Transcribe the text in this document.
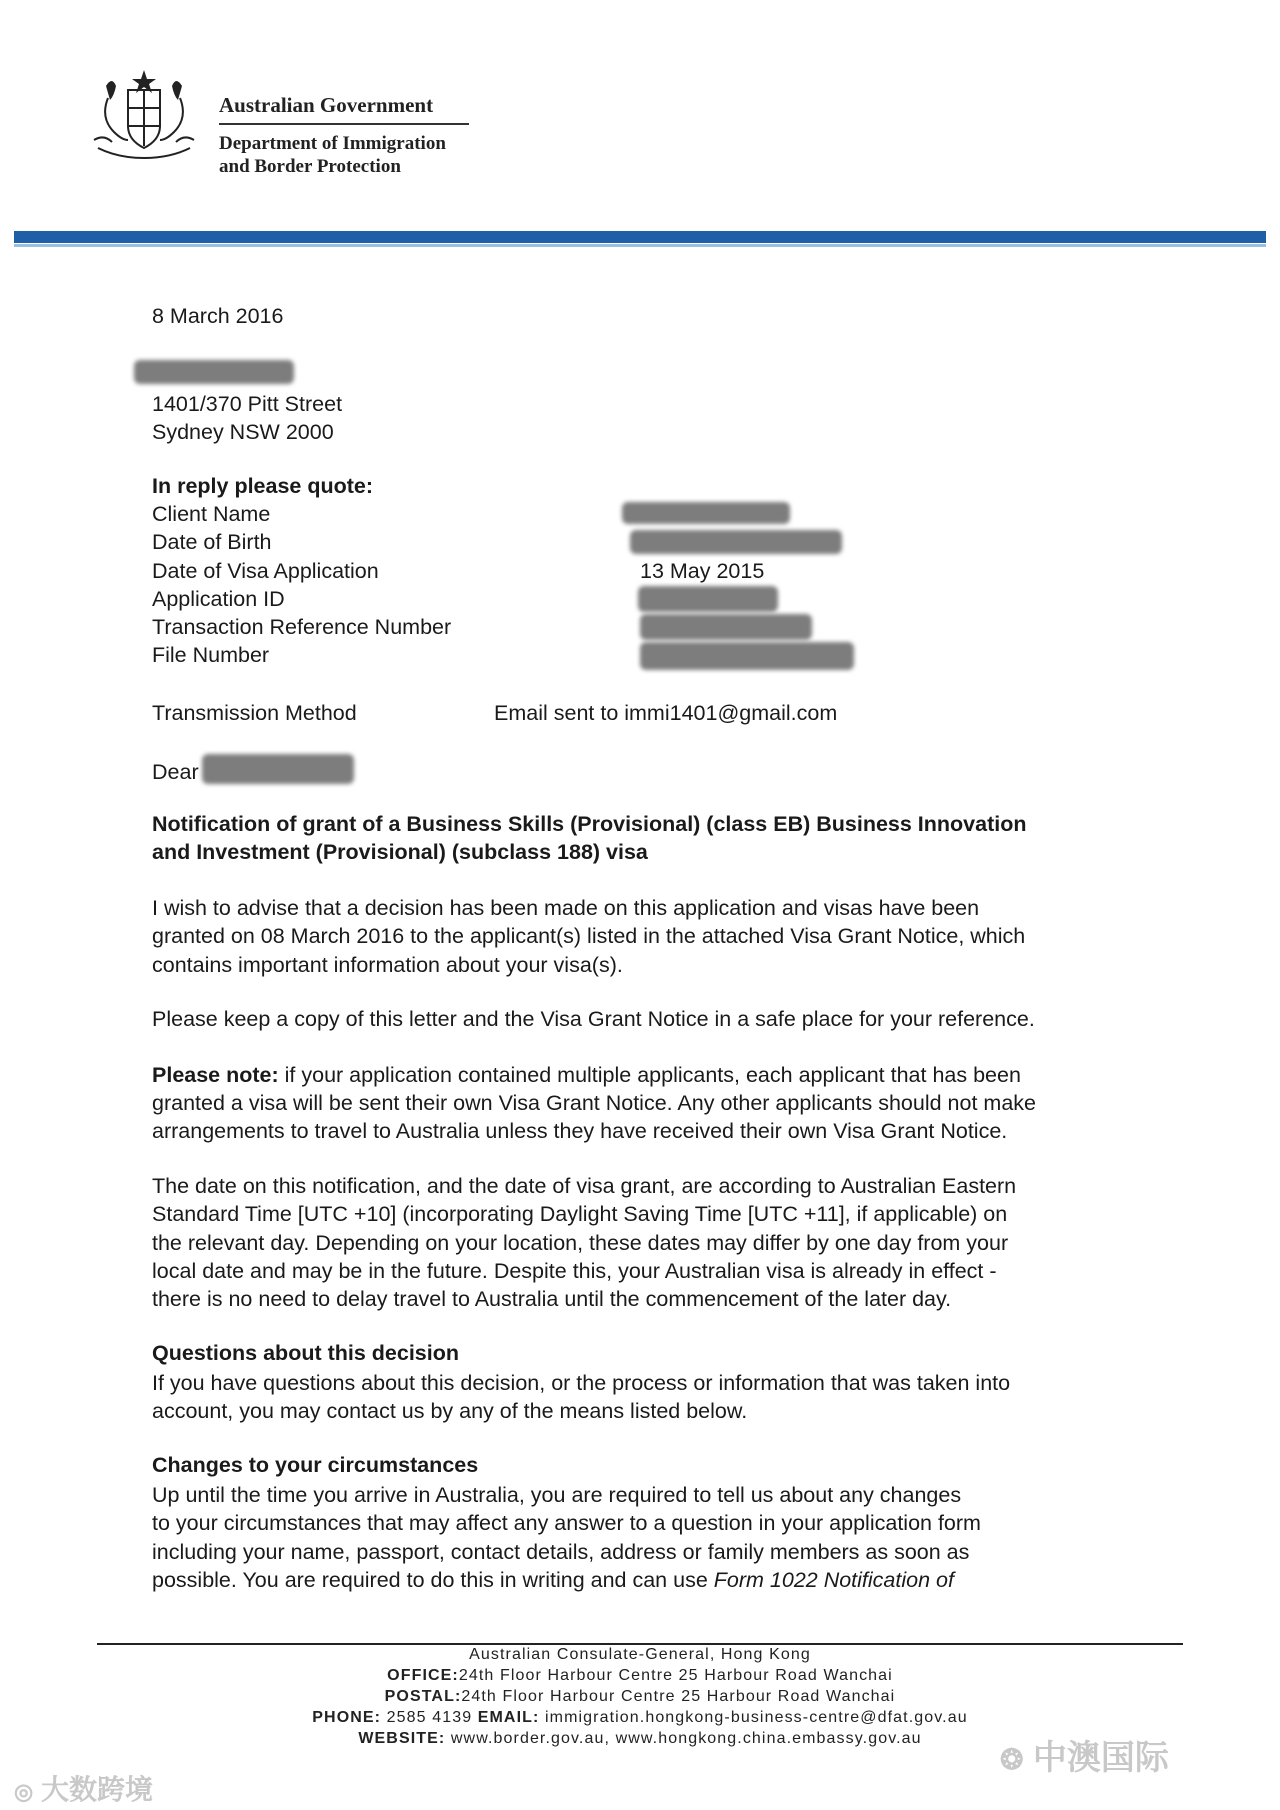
Australian Government
Department of Immigration
and Border Protection
8 March 2016
1401/370 Pitt Street
Sydney NSW 2000
In reply please quote:
Client Name
Date of Birth
Date of Visa Application
Application ID
Transaction Reference Number
File Number
13 May 2015
Transmission Method	Email sent to immi1401@gmail.com
Dear
Notification of grant of a Business Skills (Provisional) (class EB) Business Innovation
and Investment (Provisional) (subclass 188) visa
I wish to advise that a decision has been made on this application and visas have been
granted on 08 March 2016 to the applicant(s) listed in the attached Visa Grant Notice, which
contains important information about your visa(s).
Please keep a copy of this letter and the Visa Grant Notice in a safe place for your reference.
Please note: if your application contained multiple applicants, each applicant that has been
granted a visa will be sent their own Visa Grant Notice. Any other applicants should not make
arrangements to travel to Australia unless they have received their own Visa Grant Notice.
The date on this notification, and the date of visa grant, are according to Australian Eastern
Standard Time [UTC +10] (incorporating Daylight Saving Time [UTC +11], if applicable) on
the relevant day. Depending on your location, these dates may differ by one day from your
local date and may be in the future. Despite this, your Australian visa is already in effect -
there is no need to delay travel to Australia until the commencement of the later day.
Questions about this decision
If you have questions about this decision, or the process or information that was taken into
account, you may contact us by any of the means listed below.
Changes to your circumstances
Up until the time you arrive in Australia, you are required to tell us about any changes
to your circumstances that may affect any answer to a question in your application form
including your name, passport, contact details, address or family members as soon as
possible. You are required to do this in writing and can use Form 1022 Notification of
Australian Consulate-General, Hong Kong
OFFICE:24th Floor Harbour Centre 25 Harbour Road Wanchai
POSTAL:24th Floor Harbour Centre 25 Harbour Road Wanchai
PHONE: 2585 4139 EMAIL: immigration.hongkong-business-centre@dfat.gov.au
WEBSITE: www.border.gov.au, www.hongkong.china.embassy.gov.au
◎ 大数跨境
❂ 中澳国际
